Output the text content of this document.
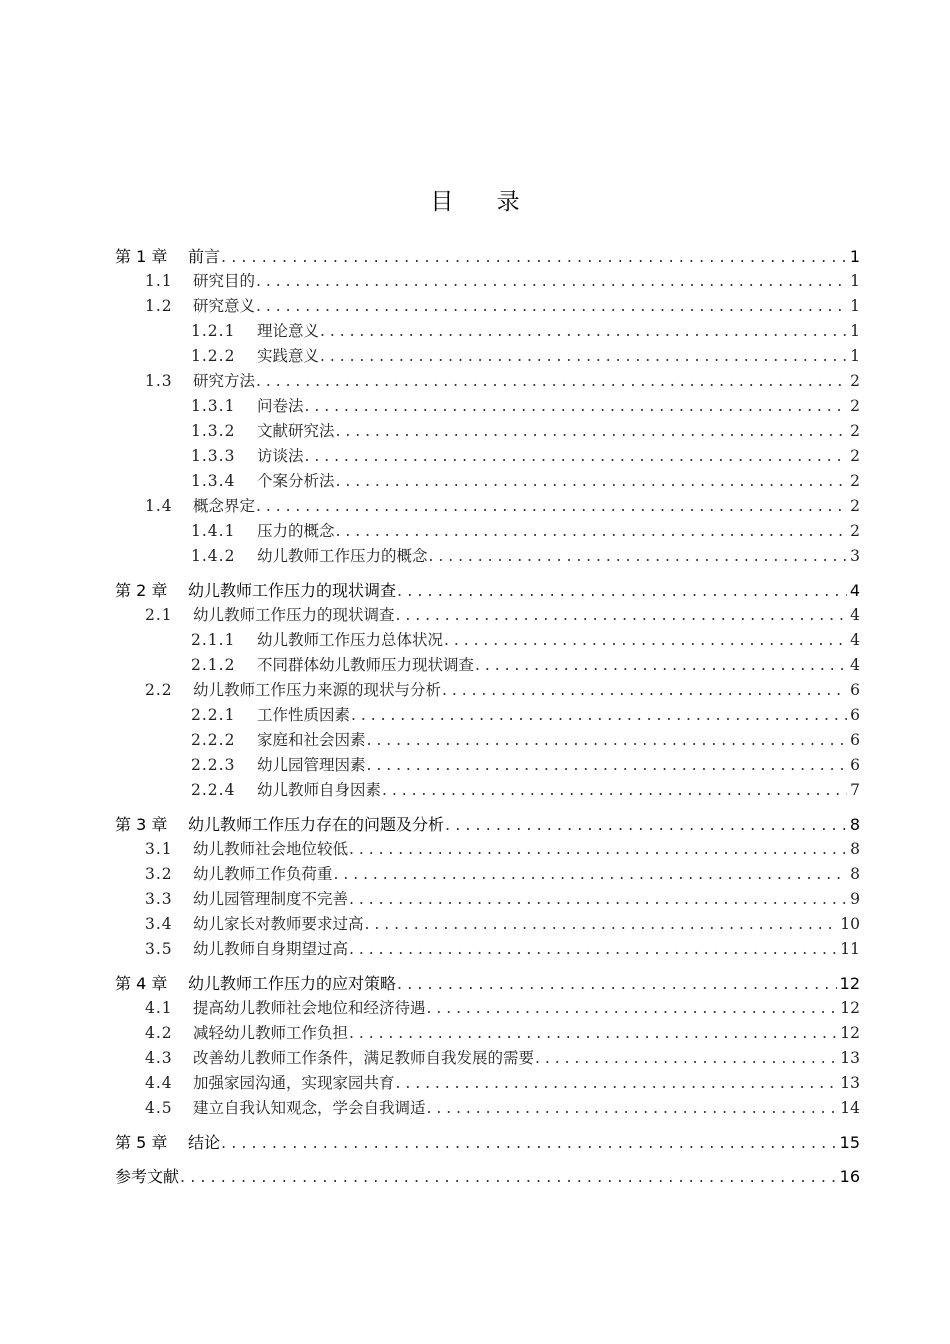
目 录
第 1 章	前言 . . .	1
1.1	研究目的 . . .	1
1.2	研究意义 . . .	1
1.2.1	理论意义 . . .	1
1.2.2	实践意义 . . .	1
1.3	研究方法 . . .	2
1.3.1	问卷法 . . .	2
1.3.2	文献研究法 . . .	2
1.3.3	访谈法 . . .	2
1.3.4	个案分析法 . . .	2
1.4	概念界定 . . .	2
1.4.1	压力的概念 . . .	2
1.4.2	幼儿教师工作压力的概念 . . .	3
第 2 章	幼儿教师工作压力的现状调查 . . .	4
2.1	幼儿教师工作压力的现状调查 . . .	4
2.1.1	幼儿教师工作压力总体状况 . . .	4
2.1.2	不同群体幼儿教师压力现状调查 . . .	4
2.2	幼儿教师工作压力来源的现状与分析 . . .	6
2.2.1	工作性质因素 . . .	6
2.2.2	家庭和社会因素 . . .	6
2.2.3	幼儿园管理因素 . . .	6
2.2.4	幼儿教师自身因素 . . .	7
第 3 章	幼儿教师工作压力存在的问题及分析 . . .	8
3.1	幼儿教师社会地位较低 . . .	8
3.2	幼儿教师工作负荷重 . . .	8
3.3	幼儿园管理制度不完善 . . .	9
3.4	幼儿家长对教师要求过高 . . .	10
3.5	幼儿教师自身期望过高 . . .	11
第 4 章	幼儿教师工作压力的应对策略 . . .	12
4.1	提高幼儿教师社会地位和经济待遇 . . .	12
4.2	减轻幼儿教师工作负担 . . .	12
4.3	改善幼儿教师工作条件，满足教师自我发展的需要 . . .	13
4.4	加强家园沟通，实现家园共育 . . .	13
4.5	建立自我认知观念，学会自我调适 . . .	14
第 5 章	结论 . . .	15
参考文献 . . .	16
